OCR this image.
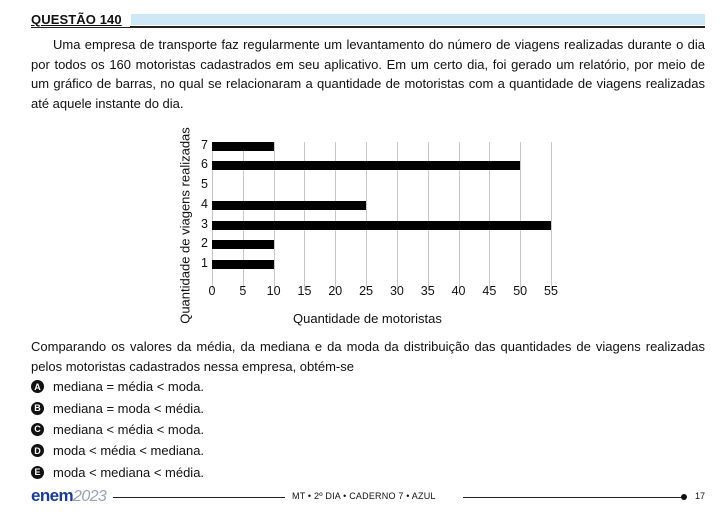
QUESTÃO 140

Uma empresa de transporte faz regularmente um levantamento do número de viagens realizadas durante o dia por todos os 160 motoristas cadastrados em seu aplicativo. Em um certo dia, foi gerado um relatório, por meio de um gráfico de barras, no qual se relacionaram a quantidade de motoristas com a quantidade de viagens realizadas até aquele instante do dia.

Quantidade de viagens realizadas 1
2
3
4
5
6
7
0	5	10	15	20	25	30	35	40	45	50	55
Quantidade de motoristas

Comparando os valores da média, da mediana e da moda da distribuição das quantidades de viagens realizadas pelos motoristas cadastrados nessa empresa, obtém-se

A mediana = média < moda.
B mediana = moda < média.
C mediana < média < moda.
D moda < média < mediana.
E moda < mediana < média.
enem2023	MT • 2º DIA • CADERNO 7 • AZUL	17
